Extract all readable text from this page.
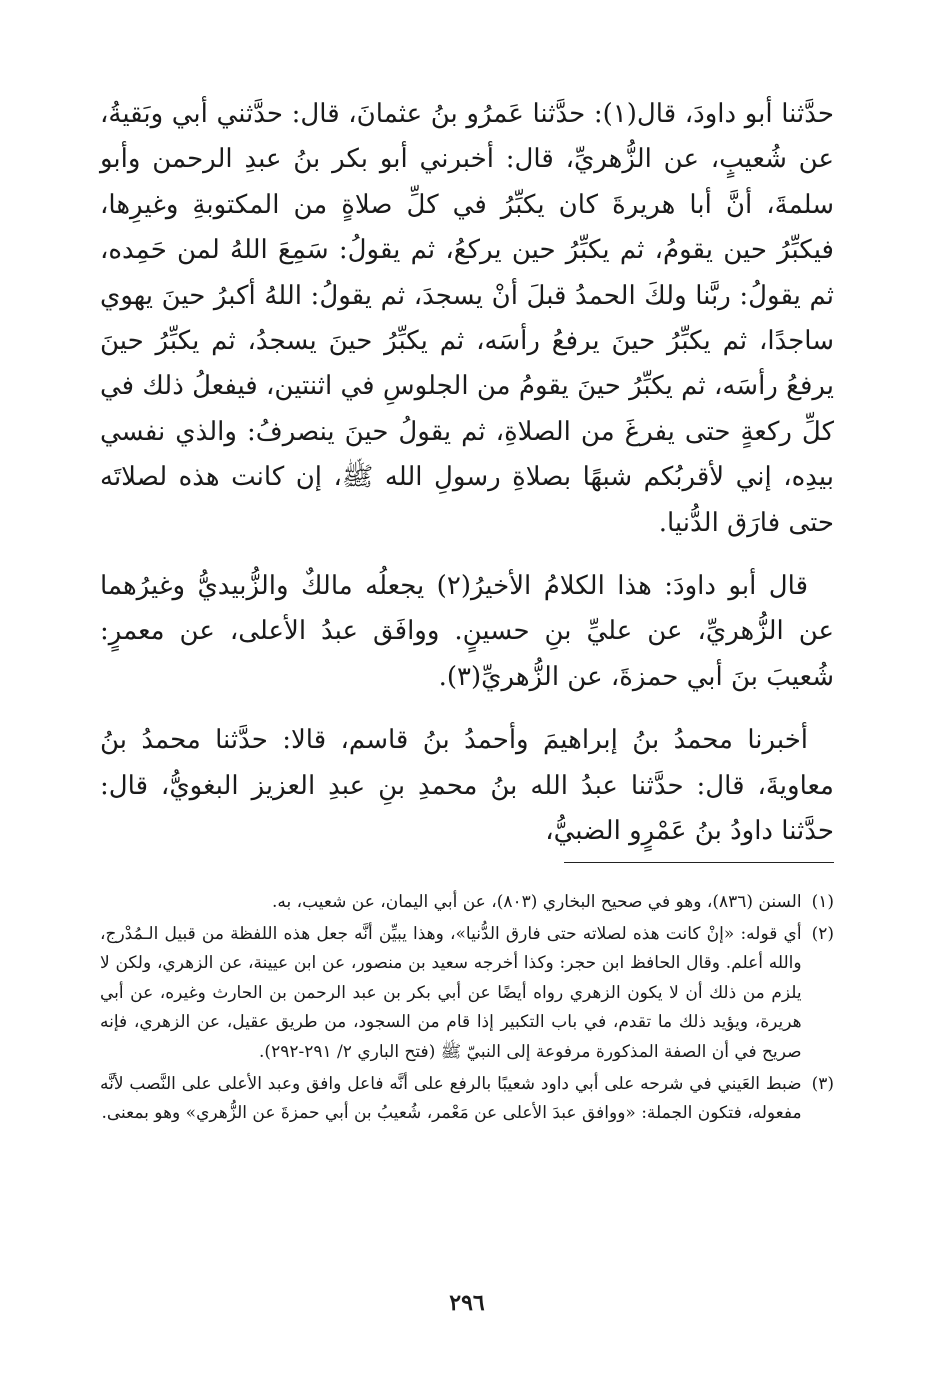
حدَّثنا أبو داودَ، قال(١): حدَّثنا عَمرُو بنُ عثمانَ، قال: حدَّثني أبي وبَقيةُ، عن شُعيبٍ، عن الزُّهريِّ، قال: أخبرني أبو بكر بنُ عبدِ الرحمن وأبو سلمةَ، أنَّ أبا هريرةَ كان يكبِّرُ في كلِّ صلاةٍ من المكتوبةِ وغيرِها، فيكبِّرُ حين يقومُ، ثم يكبِّرُ حين يركعُ، ثم يقولُ: سَمِعَ اللهُ لمن حَمِده، ثم يقولُ: ربَّنا ولكَ الحمدُ قبلَ أنْ يسجدَ، ثم يقولُ: اللهُ أكبرُ حينَ يهوي ساجدًا، ثم يكبِّرُ حينَ يرفعُ رأسَه، ثم يكبِّرُ حينَ يسجدُ، ثم يكبِّرُ حينَ يرفعُ رأسَه، ثم يكبِّرُ حينَ يقومُ من الجلوسِ في اثنتين، فيفعلُ ذلك في كلِّ ركعةٍ حتى يفرغَ من الصلاةِ، ثم يقولُ حينَ ينصرفُ: والذي نفسي بيدِه، إني لأقربُكم شبهًا بصلاةِ رسولِ الله ﷺ، إن كانت هذه لصلاتَه حتى فارَق الدُّنيا.

قال أبو داودَ: هذا الكلامُ الأخيرُ(٢) يجعلُه مالكٌ والزُّبيديُّ وغيرُهما عن الزُّهريِّ، عن عليِّ بنِ حسينٍ. ووافَق عبدُ الأعلى، عن معمرٍ: شُعيبَ بنَ أبي حمزةَ، عن الزُّهريِّ(٣).

أخبرنا محمدُ بنُ إبراهيمَ وأحمدُ بنُ قاسم، قالا: حدَّثنا محمدُ بنُ معاويةَ، قال: حدَّثنا عبدُ الله بنُ محمدِ بنِ عبدِ العزيز البغويُّ، قال: حدَّثنا داودُ بنُ عَمْرٍو الضبيُّ،

(١)
السنن (٨٣٦)، وهو في صحيح البخاري (٨٠٣)، عن أبي اليمان، عن شعيب، به.
(٢)
أي قوله: «إنْ كانت هذه لصلاته حتى فارق الدُّنيا»، وهذا يبيِّن أنَّه جعل هذه اللفظة من قبيل الـمُدْرج، والله أعلم. وقال الحافظ ابن حجر: وكذا أخرجه سعيد بن منصور، عن ابن عيينة، عن الزهري، ولكن لا يلزم من ذلك أن لا يكون الزهري رواه أيضًا عن أبي بكر بن عبد الرحمن بن الحارث وغيره، عن أبي هريرة، ويؤيد ذلك ما تقدم، في باب التكبير إذا قام من السجود، من طريق عقيل، عن الزهري، فإنه صريح في أن الصفة المذكورة مرفوعة إلى النبيّ ﷺ (فتح الباري ٢/ ٢٩١-٢٩٢).
(٣)
ضبط العَيني في شرحه على أبي داود شعيبًا بالرفع على أنَّه فاعل وافق وعبد الأعلى على النَّصب لأنَّه مفعوله، فتكون الجملة: «ووافق عبدَ الأعلى عن مَعْمر، شُعيبُ بن أبي حمزةَ عن الزُّهري» وهو بمعنى.
٢٩٦
